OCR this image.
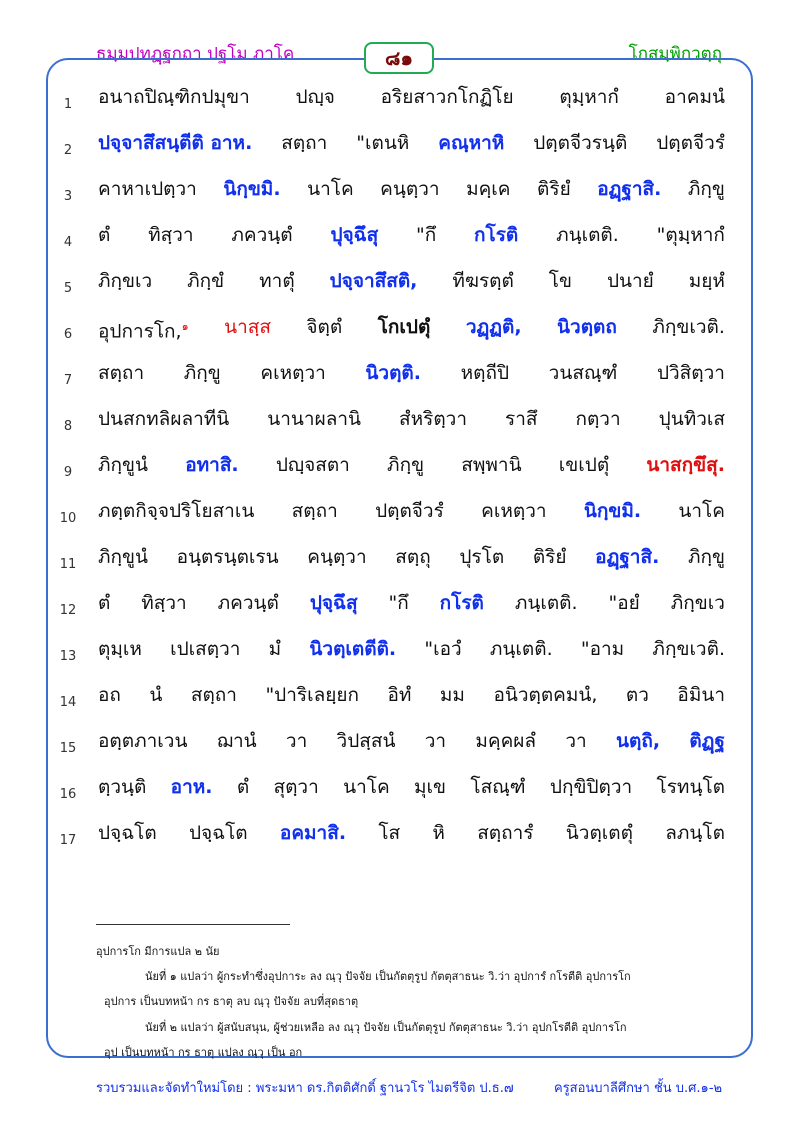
ธมฺมปทฏฺฐกถา ปฐโม ภาโค	๘๑	โกสมฺพิกวตฺถุ
1	อนาถปิณฺฑิกปมุขา ปญฺจ อริยสาวกโกฏิโย ตุมฺหากํ อาคมนํ
2	ปจฺจาสึสนฺตีติ อาห. สตฺถา "เตนหิ คณฺหาหิ ปตฺตจีวรนฺติ ปตฺตจีวรํ
3	คาหาเปตฺวา นิกฺขมิ. นาโค คนฺตฺวา มคฺเค ติริยํ อฏฺฐาสิ. ภิกฺขู
4	ตํ ทิสฺวา ภควนฺตํ ปุจฺฉึสุ "กึ กโรติ ภนฺเตติ. "ตุมฺหากํ
5	ภิกฺขเว ภิกฺขํ ทาตุํ ปจฺจาสึสติ, ทีฆรตฺตํ โข ปนายํ มยฺหํ
6	อุปการโก,$^๑$ นาสฺส จิตฺตํ โกเปตุํ วฏฺฏติ, นิวตฺตถ ภิกฺขเวติ.
7	สตฺถา ภิกฺขู คเหตฺวา นิวตฺติ. หตฺถีปิ วนสณฺฑํ ปวิสิตฺวา
8	ปนสกทลิผลาทีนิ นานาผลานิ สํหริตฺวา ราสึ กตฺวา ปุนทิวเส
9	ภิกฺขูนํ อทาสิ. ปญฺจสตา ภิกฺขู สพฺพานิ เขเปตุํ นาสกฺขึสุ.
10	ภตฺตกิจฺจปริโยสาเน สตฺถา ปตฺตจีวรํ คเหตฺวา นิกฺขมิ. นาโค
11	ภิกฺขูนํ อนฺตรนฺตเรน คนฺตฺวา สตฺถุ ปุรโต ติริยํ อฏฺฐาสิ. ภิกฺขู
12	ตํ ทิสฺวา ภควนฺตํ ปุจฺฉึสุ "กึ กโรติ ภนฺเตติ. "อยํ ภิกฺขเว
13	ตุมฺเห เปเสตฺวา มํ นิวตฺเตตีติ. "เอวํ ภนฺเตติ. "อาม ภิกฺขเวติ.
14	อถ นํ สตฺถา "ปาริเลยฺยก อิทํ มม อนิวตฺตคมนํ, ตว อิมินา
15	อตฺตภาเวน ฌานํ วา วิปสฺสนํ วา มคฺคผลํ วา นตฺถิ, ติฏฺฐ
16	ตฺวนฺติ อาห. ตํ สุตฺวา นาโค มุเข โสณฺฑํ ปกฺขิปิตฺวา โรทนฺโต
17	ปจฺฉโต ปจฺฉโต อคมาสิ. โส หิ สตฺถารํ นิวตฺเตตุํ ลภนฺโต
อุปการโก มีการแปล ๒ นัย
นัยที่ ๑ แปลว่า ผู้กระทำซึ่งอุปการะ ลง ณฺวุ ปัจจัย เป็นกัตตุรูป กัตตุสาธนะ วิ.ว่า อุปการํ กโรตีติ อุปการโก
อุปการ เป็นบทหน้า กร ธาตุ ลบ ณฺวุ ปัจจัย ลบที่สุดธาตุ
นัยที่ ๒ แปลว่า ผู้สนับสนุน, ผู้ช่วยเหลือ ลง ณฺวุ ปัจจัย เป็นกัตตุรูป กัตตุสาธนะ วิ.ว่า อุปกโรตีติ อุปการโก
อุป เป็นบทหน้า กร ธาตุ แปลง ณฺวุ เป็น อก
รวบรวมและจัดทำใหม่โดย : พระมหา ดร.กิตติศักดิ์ ฐานวโร ไมตรีจิต ป.ธ.๗	ครูสอนบาลีศึกษา ชั้น บ.ศ.๑-๒
